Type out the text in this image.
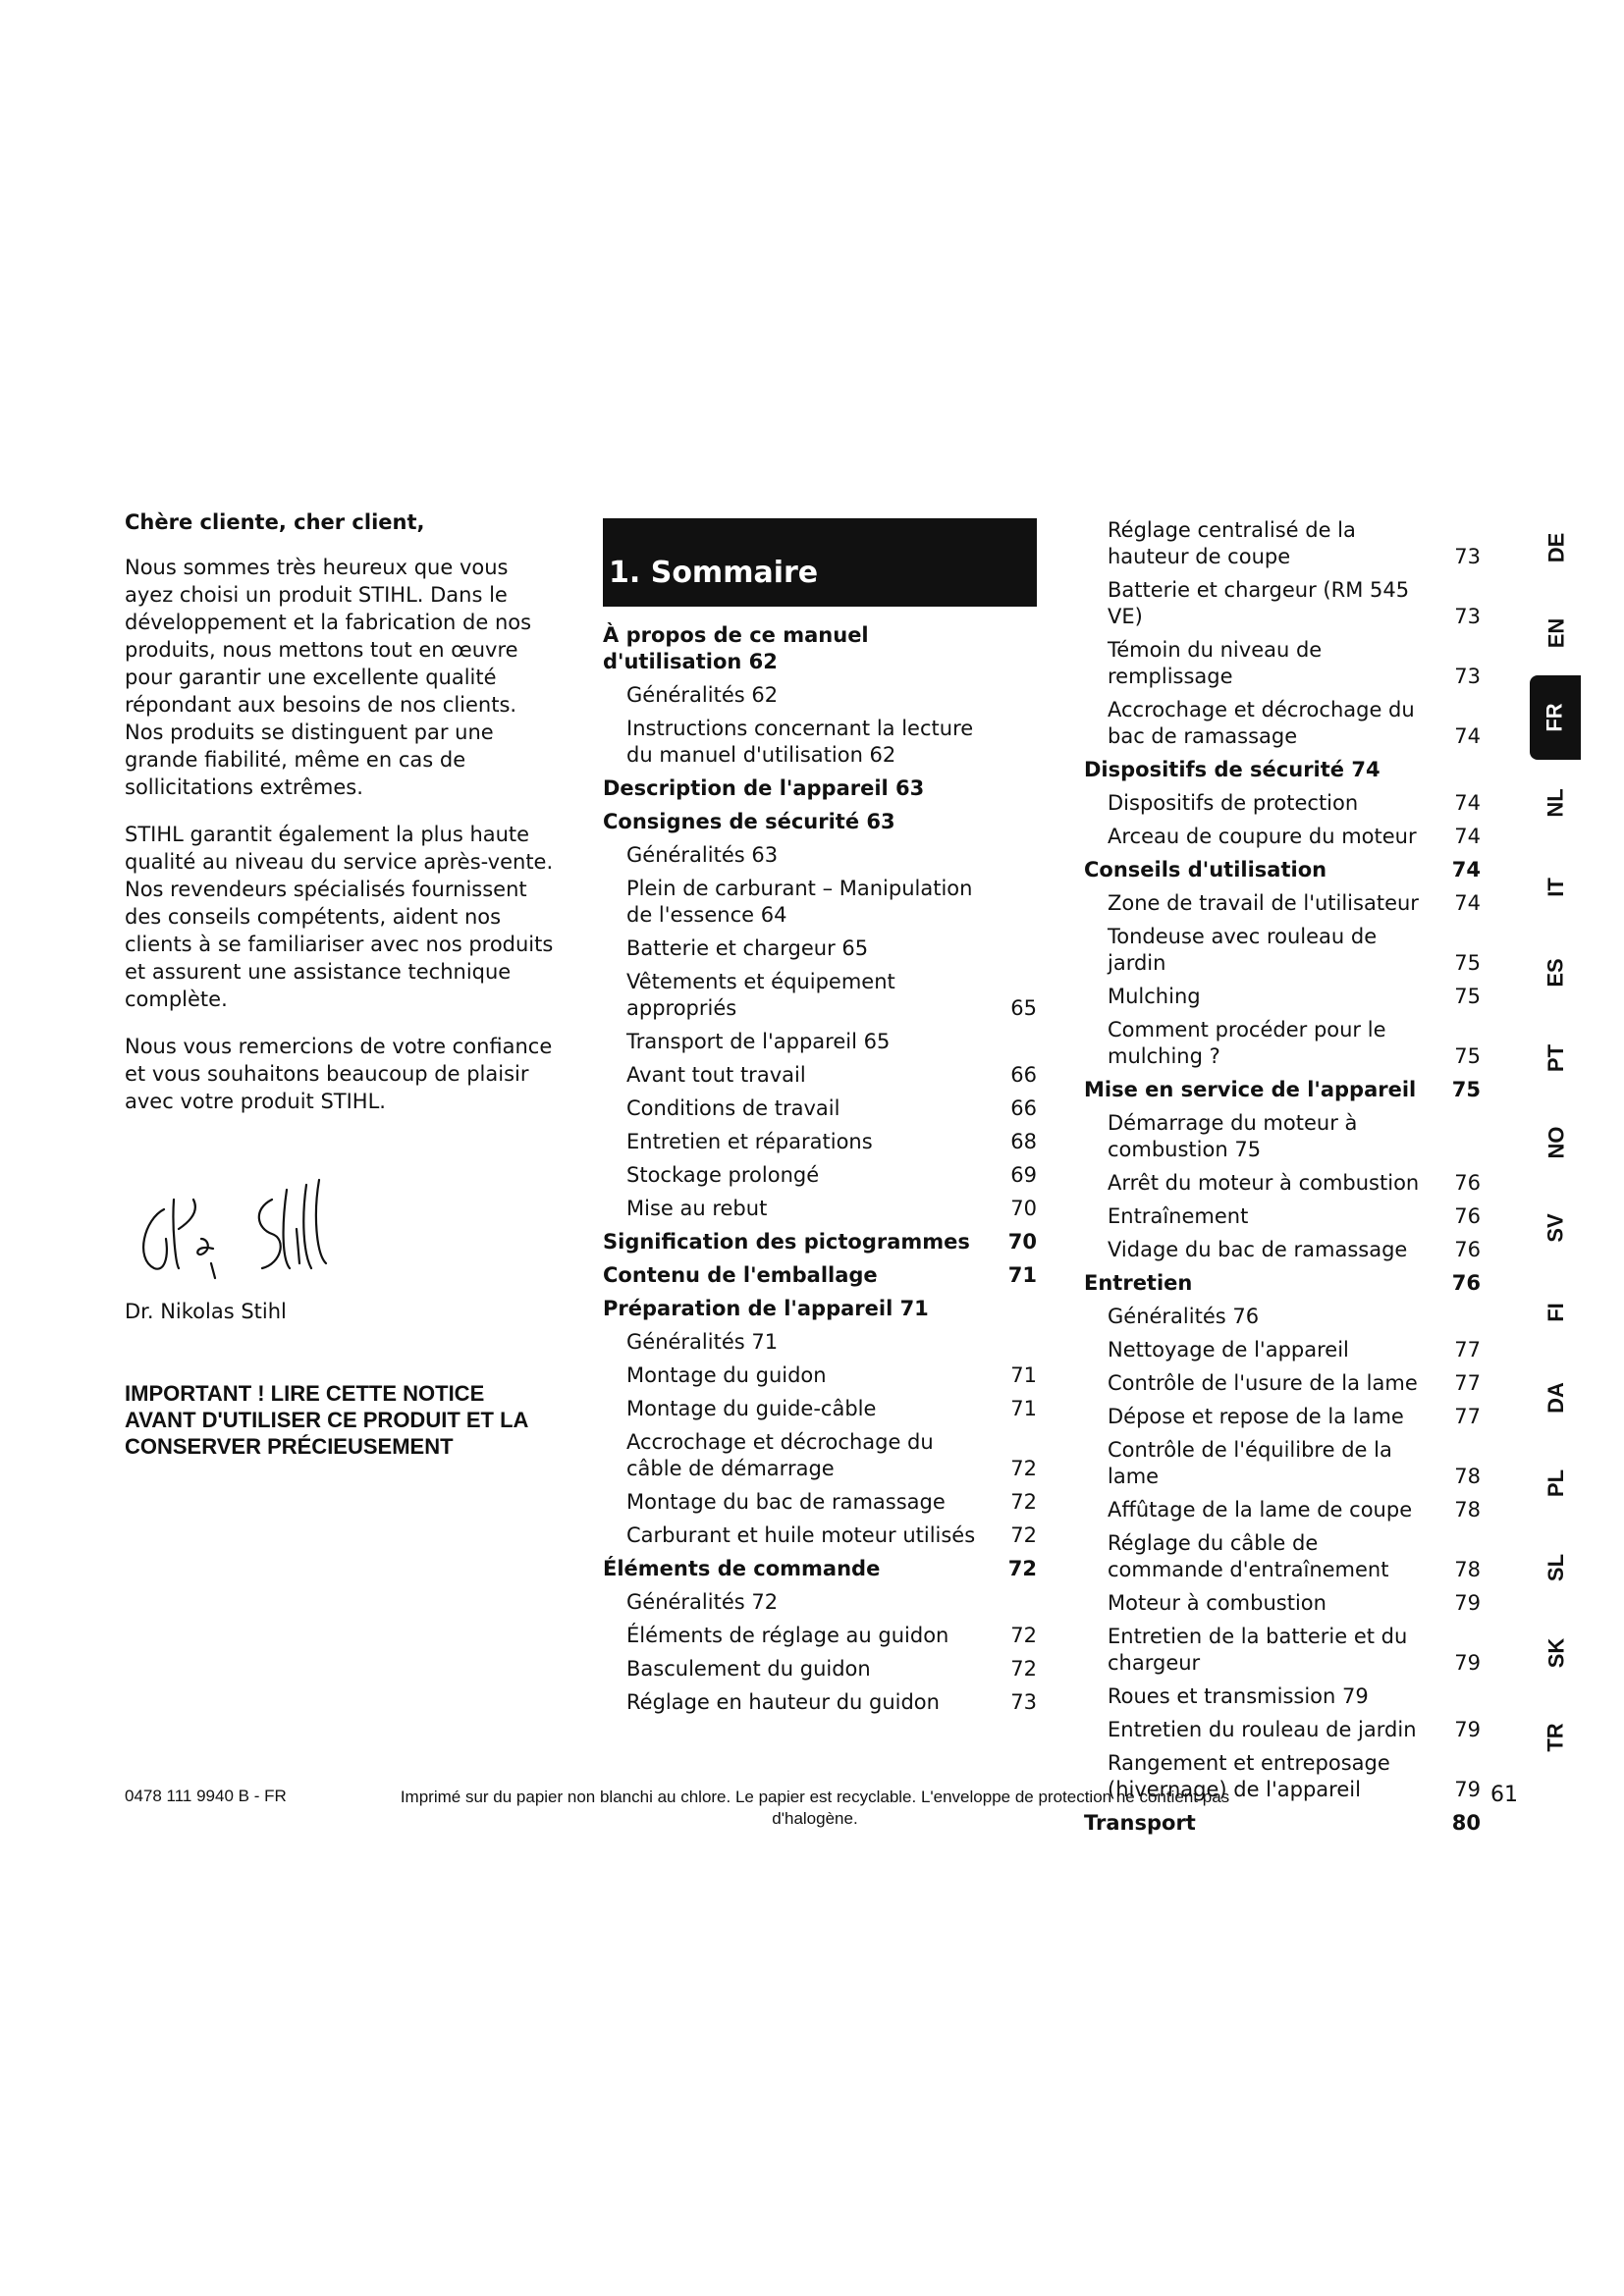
Chère cliente, cher client,

Nous sommes très heureux que vous ayez choisi un produit STIHL. Dans le développement et la fabrication de nos produits, nous mettons tout en œuvre pour garantir une excellente qualité répondant aux besoins de nos clients. Nos produits se distinguent par une grande fiabilité, même en cas de sollicitations extrêmes.

STIHL garantit également la plus haute qualité au niveau du service après-vente. Nos revendeurs spécialisés fournissent des conseils compétents, aident nos clients à se familiariser avec nos produits et assurent une assistance technique complète.

Nous vous remercions de votre confiance et vous souhaitons beaucoup de plaisir avec votre produit STIHL.

Dr. Nikolas Stihl
IMPORTANT ! LIRE CETTE NOTICE AVANT D'UTILISER CE PRODUIT ET LA CONSERVER PRÉCIEUSEMENT
1. Sommaire
À propos de ce manuel d'utilisation 62
Généralités 62
Instructions concernant la lecture du manuel d'utilisation 62
Description de l'appareil 63
Consignes de sécurité 63
Généralités 63
Plein de carburant – Manipulation de l'essence 64
Batterie et chargeur 65
Vêtements et équipement appropriés	65
Transport de l'appareil 65
Avant tout travail	66
Conditions de travail	66
Entretien et réparations	68
Stockage prolongé	69
Mise au rebut	70
Signification des pictogrammes	70
Contenu de l'emballage	71
Préparation de l'appareil 71
Généralités 71
Montage du guidon	71
Montage du guide-câble	71
Accrochage et décrochage du câble de démarrage	72
Montage du bac de ramassage	72
Carburant et huile moteur utilisés	72
Éléments de commande	72
Généralités 72
Éléments de réglage au guidon	72
Basculement du guidon	72
Réglage en hauteur du guidon	73
Réglage centralisé de la hauteur de coupe	73
Batterie et chargeur (RM 545 VE)	73
Témoin du niveau de remplissage	73
Accrochage et décrochage du bac de ramassage	74
Dispositifs de sécurité 74
Dispositifs de protection	74
Arceau de coupure du moteur	74
Conseils d'utilisation	74
Zone de travail de l'utilisateur	74
Tondeuse avec rouleau de jardin	75
Mulching	75
Comment procéder pour le mulching ?	75
Mise en service de l'appareil	75
Démarrage du moteur à combustion 75
Arrêt du moteur à combustion	76
Entraînement	76
Vidage du bac de ramassage	76
Entretien	76
Généralités 76
Nettoyage de l'appareil	77
Contrôle de l'usure de la lame	77
Dépose et repose de la lame	77
Contrôle de l'équilibre de la lame	78
Affûtage de la lame de coupe	78
Réglage du câble de commande d'entraînement	78
Moteur à combustion	79
Entretien de la batterie et du chargeur	79
Roues et transmission 79
Entretien du rouleau de jardin	79
Rangement et entreposage (hivernage) de l'appareil	79
Transport	80
DE
EN
FR
NL
IT
ES
PT
NO
SV
FI
DA
PL
SL
SK
TR
0478 111 9940 B - FR	Imprimé sur du papier non blanchi au chlore. Le papier est recyclable. L'enveloppe de protection ne contient pas d'halogène.
61
